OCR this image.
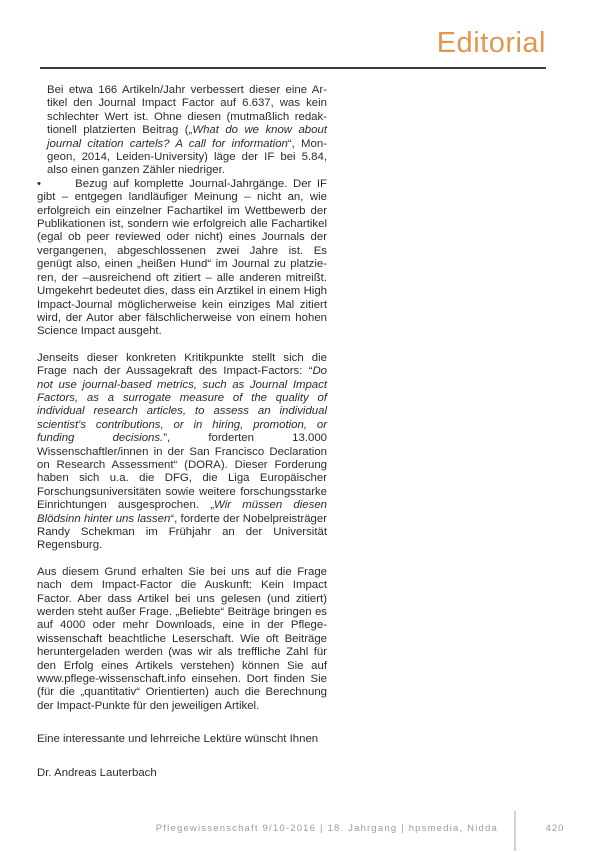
Editorial

Bei etwa 166 Artikeln/Jahr verbessert dieser eine Artikel den Journal Impact Factor auf 6.637, was kein schlechter Wert ist. Ohne diesen (mutmaßlich redaktionell platzierten Beitrag („What do we know about journal citation cartels? A call for information“, Mongeon, 2014, Leiden-University) läge der IF bei 5.84, also einen ganzen Zähler niedriger.

•   Bezug auf komplette Journal-Jahrgänge. Der IF gibt – entgegen landläufiger Meinung – nicht an, wie erfolgreich ein einzelner Fachartikel im Wettbewerb der Publikationen ist, sondern wie erfolgreich alle Fachartikel (egal ob peer reviewed oder nicht) eines Journals der vergangenen, abgeschlossenen zwei Jahre ist. Es genügt also, einen „heißen Hund“ im Journal zu platzieren, der –ausreichend oft zitiert – alle anderen mitreißt. Umgekehrt bedeutet dies, dass ein Arztikel in einem High Impact-Journal möglicherweise kein einziges Mal zitiert wird, der Autor aber fälschlicherweise von einem hohen Science Impact ausgeht.

Jenseits dieser konkreten Kritikpunkte stellt sich die Frage nach der Aussagekraft des Impact-Factors: “Do not use journal-based metrics, such as Journal Impact Factors, as a surrogate measure of the quality of individual research articles, to assess an individual scientist's contributions, or in hiring, promotion, or funding decisions.”, forderten 13.000 Wissenschaftler/innen in der San Francisco Declaration on Research Assessment“ (DORA). Dieser Forderung haben sich u.a. die DFG, die Liga Europäischer Forschungsuniversitäten sowie weitere forschungsstarke Einrichtungen ausgesprochen. „Wir müssen diesen Blödsinn hinter uns lassen“, forderte der Nobelpreisträger Randy Schekman im Frühjahr an der Universität Regensburg.

Aus diesem Grund erhalten Sie bei uns auf die Frage nach dem Impact-Factor die Auskunft: Kein Impact Factor. Aber dass Artikel bei uns gelesen (und zitiert) werden steht außer Frage. „Beliebte“ Beiträge bringen es auf 4000 oder mehr Downloads, eine in der Pflegewissenschaft beachtliche Leserschaft. Wie oft Beiträge heruntergeladen werden (was wir als treffliche Zahl für den Erfolg eines Artikels verstehen) können Sie auf www.pflege-wissenschaft.info einsehen. Dort finden Sie (für die „quantitativ“ Orientierten) auch die Berechnung der Impact-Punkte für den jeweiligen Artikel.

Eine interessante und lehrreiche Lektüre wünscht Ihnen

Dr. Andreas Lauterbach

Pflegewissenschaft 9/10-2016 | 18. Jahrgang | hpsmedia, Nidda	420
